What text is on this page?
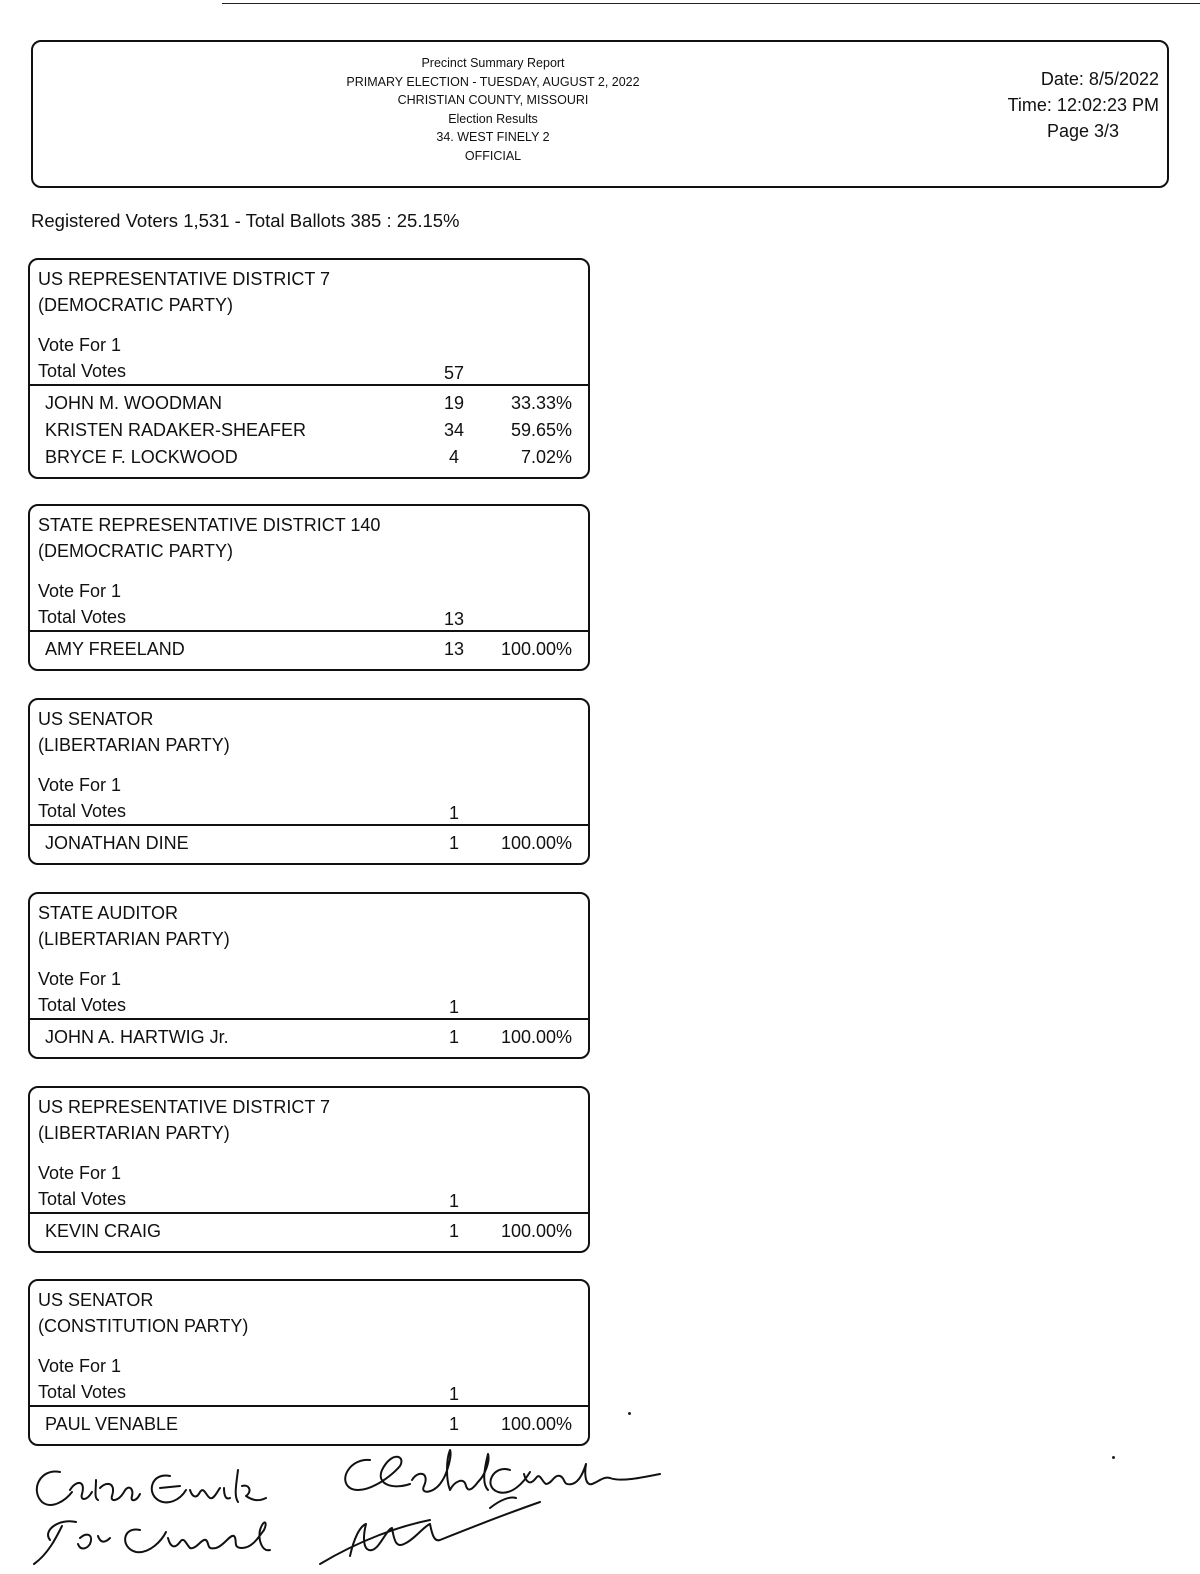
Precinct Summary Report
PRIMARY ELECTION - TUESDAY, AUGUST 2, 2022
CHRISTIAN COUNTY, MISSOURI
Election Results
34. WEST FINELY 2
OFFICIAL
Date: 8/5/2022
Time: 12:02:23 PM
Page 3/3
Registered Voters 1,531 - Total Ballots 385 : 25.15%
US REPRESENTATIVE DISTRICT 7
(DEMOCRATIC PARTY)
Vote For 1
Total Votes	57
JOHN M. WOODMAN	19	33.33%
KRISTEN RADAKER-SHEAFER	34	59.65%
BRYCE F. LOCKWOOD	4	7.02%
STATE REPRESENTATIVE DISTRICT 140
(DEMOCRATIC PARTY)
Vote For 1
Total Votes	13
AMY FREELAND	13	100.00%
US SENATOR
(LIBERTARIAN PARTY)
Vote For 1
Total Votes	1
JONATHAN DINE	1	100.00%
STATE AUDITOR
(LIBERTARIAN PARTY)
Vote For 1
Total Votes	1
JOHN A. HARTWIG Jr.	1	100.00%
US REPRESENTATIVE DISTRICT 7
(LIBERTARIAN PARTY)
Vote For 1
Total Votes	1
KEVIN CRAIG	1	100.00%
US SENATOR
(CONSTITUTION PARTY)
Vote For 1
Total Votes	1
PAUL VENABLE	1	100.00%
